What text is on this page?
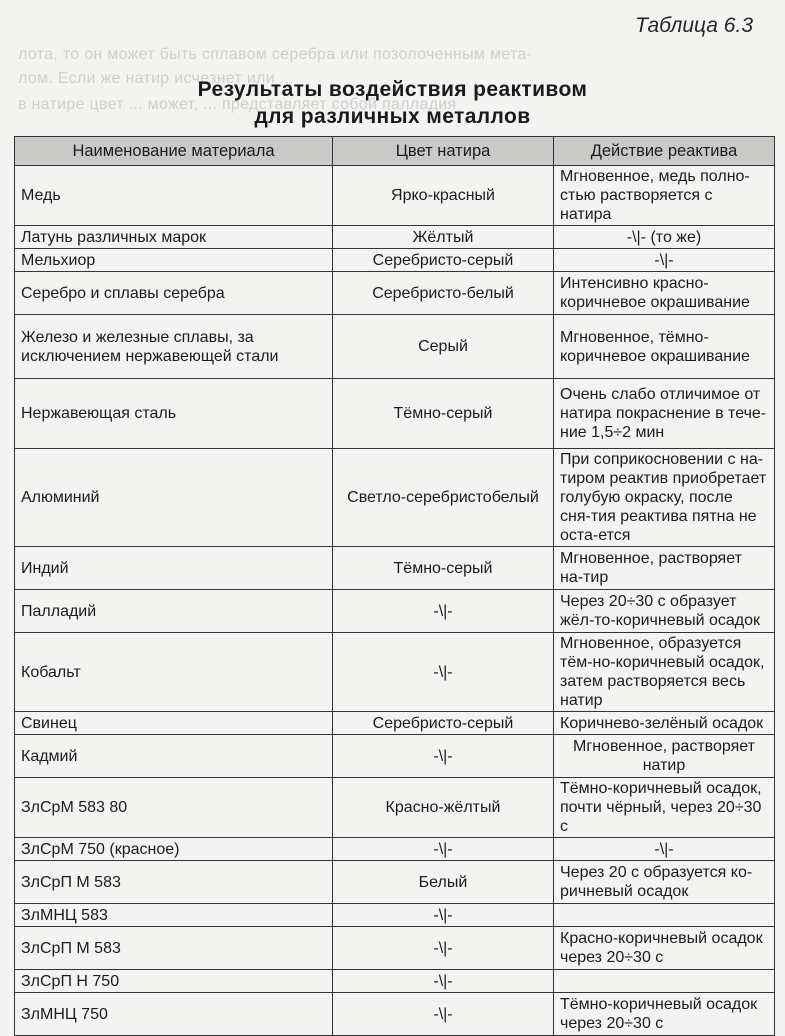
лота, то он может быть сплавом серебра или позолоченным мета-
лом. Если же натир исчезнет или ...
в натире цвет ... может, ... представляет собой палладия
Таблица 6.3
Результаты воздействия реактивом
для различных металлов
Наименование материала	Цвет натира	Действие реактива
Медь	Ярко-красный	Мгновенное, медь полно-стью растворяется с натира
Латунь различных марок	Жёлтый	-\|- (то же)
Мельхиор	Серебристо-серый	-\|-
Серебро и сплавы серебра	Серебристо-белый	Интенсивно красно-коричневое окрашивание
Железо и железные сплавы, за исключением нержавеющей стали	Серый	Мгновенное, тёмно-коричневое окрашивание
Нержавеющая сталь	Тёмно-серый	Очень слабо отличимое от натира покраснение в тече-ние 1,5÷2 мин
Алюминий	Светло-серебристобелый	При соприкосновении с на-тиром реактив приобретает голубую окраску, после сня-тия реактива пятна не оста-ется
Индий	Тёмно-серый	Мгновенное, растворяет на-тир
Палладий	-\|-	Через 20÷30 с образует жёл-то-коричневый осадок
Кобальт	-\|-	Мгновенное, образуется тём-но-коричневый осадок, затем растворяется весь натир
Свинец	Серебристо-серый	Коричнево-зелёный осадок
Кадмий	-\|-	Мгновенное, растворяет натир
ЗлСрМ 583 80	Красно-жёлтый	Тёмно-коричневый осадок, почти чёрный, через 20÷30 с
ЗлСрМ 750 (красное)	-\|-	-\|-
ЗлСрП М 583	Белый	Через 20 с образуется ко-ричневый осадок
ЗлМНЦ 583	-\|-	
ЗлСрП М 583	-\|-	Красно-коричневый осадок через 20÷30 с
ЗлСрП Н 750	-\|-	
ЗлМНЦ 750	-\|-	Тёмно-коричневый осадок через 20÷30 с
